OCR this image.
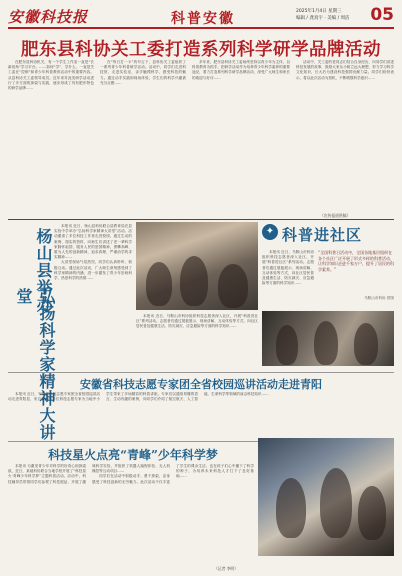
安徽科技报	科普安徽	2025年1月4日 星期三
编辑 / 龚真宇 · 美编 / 周洁	05
肥东县科协关工委打造系列科学研学品牌活动

在肥东县科协机关，有一个学生工作室一直是“长新视角”学习平台。……如何“学”、学什么，一直是关工委在“控制”和青少年科普教育活动中的重要内容。从县科协关工委领导成员。近年来对此类研学活动进行了多方面的探索与实践，逐步形成了具有肥东特色的研学品牌……

在“每日打一卡”的号召下，县科协关工委组织了一系列青少年科普研学活动。活动中，同学们走进科技馆、走进实验室，亲手触摸科学，感受科技的魅力。通过动手实践和现场体验，学生们的科学兴趣被充分点燃……

多年来，肥东县科协关工委始终坚持以青少年为主体，以科普教育为抓手，把研学活动作为培养青少年科学素养的重要途径，着力打造系列科学研学品牌活动，深受广大师生和家长的欢迎与好评……

活动中，关工委的老同志们结合自身经历，向同学们讲述科技发展的故事，鼓励大家从小树立远大理想，努力学习科学文化知识，长大后为建设科技强国贡献力量。同学们纷纷表示，将以此次活动为契机，不断增强科学意识……

（宣传报道供稿）
杨山县举办
弘扬科学家精神大讲堂

本报讯 近日，杨山县科协联合县教育局在县实验中学举办“弘扬科学家精神大讲堂”活动。活动邀请了多位科技工作者走进校园，通过生动的案例、翔实的资料，向师生们讲述了老一辈科学家胸怀祖国、服务人民的爱国精神，勇攀高峰、敢为人先的创新精神，追求真理、严谨治学的求实精神……

大讲堂现场气氛热烈，同学们认真聆听，积极互动。通过此次活动，广大师生深刻感受到了科学家精神的内涵，进一步激发了青少年崇尚科学、热爱科学的热情……

本报讯 近日，马鞍山市科协组织科技志愿者深入社区，开展“科普进社区”系列活动。志愿者们通过展板展示、现场讲解、互动体验等方式，向社区居民普及健康生活、防灾减灾、应急避险等方面的科学知识……

✦ 科普进社区

本报讯 近日，马鞍山市科协组织科技志愿者深入社区，开展“科普进社区”系列活动。志愿者们通过展板展示、现场讲解、互动体验等方式，向社区居民普及健康生活、防灾减灾、应急避险等方面的科学知识……

“全国科普日活动中，全国各地基层组织在各个社区广泛开展了形式多样的科普活动，让科学知识走进千家万户，提升了居民的科学素养。”
马鞍山市科协 供图
安徽省科技志愿专家团全省校园巡讲活动走进青阳

本报讯 近日，安徽省科技志愿专家团全省校园巡讲活动走进青阳县，来自省内的多位科技志愿专家为当地中小学生带来了多场精彩的科普讲座。专家们以通俗易懂的语言、生动有趣的案例，向同学们介绍了航空航天、人工智能、生命科学等领域的前沿科技知识……

科技星火点亮“青峰”少年科学梦

本报讯 为激发青少年对科学的好奇心和探索欲，近日，某地科协联合当地学校开展了“科技星火·青峰少年科学梦”主题科普活动。活动中，科技辅导员带领同学们参观了科技展品，开展了趣味科学实验，并组织了机器人编程体验、无人机操控等互动项目……

同学们在活动中积极动手、勇于探索，亲身感受了科技创新的无穷魅力。此次活动不仅丰富了学生的课余生活，也在孩子们心中播下了科学的种子，为培养未来科技人才打下了良好基础……

（记者 李明）
